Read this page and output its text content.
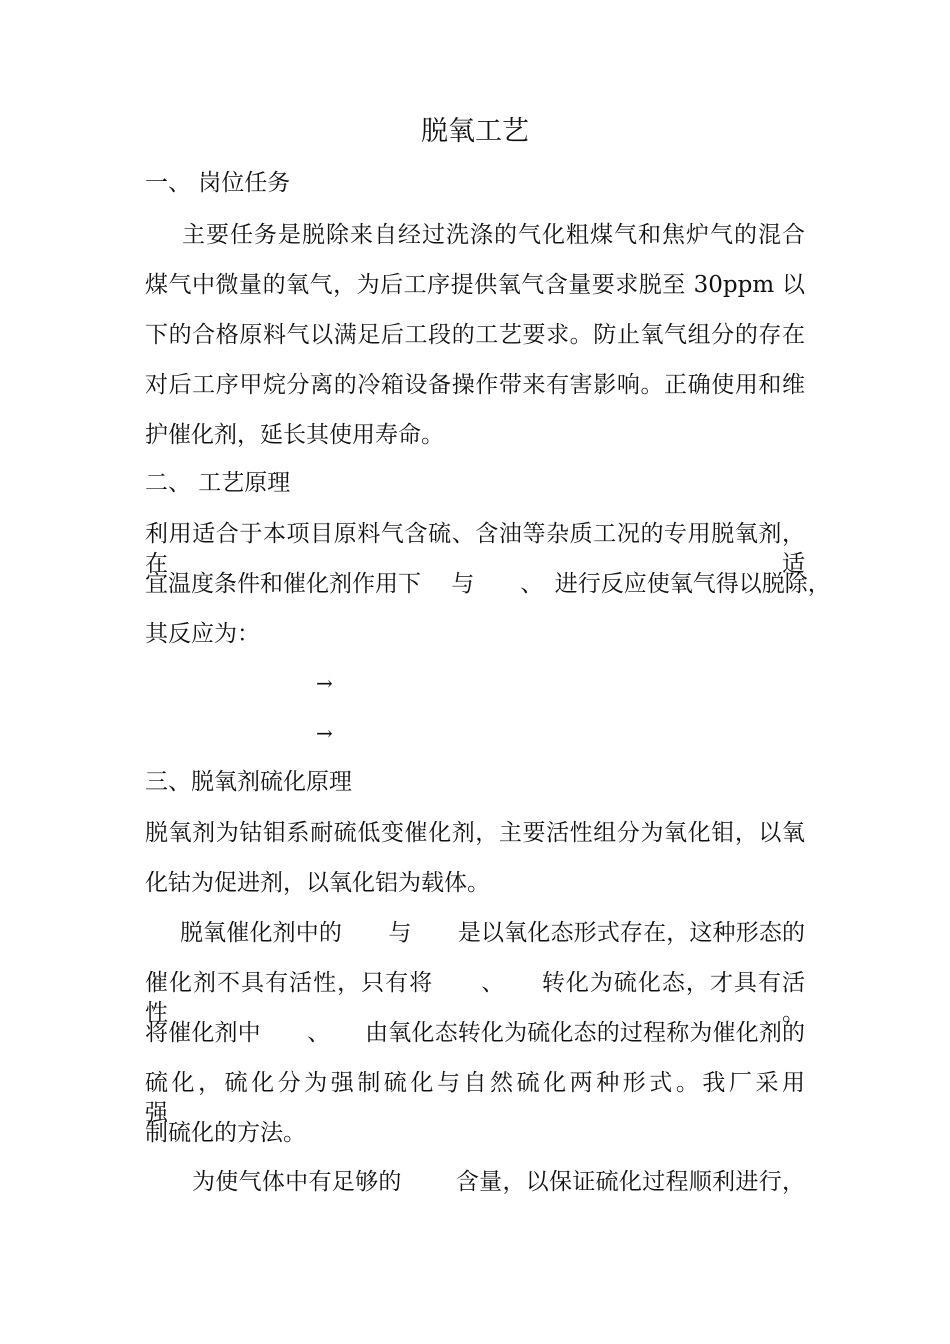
脱氧工艺
一、 岗位任务
主要任务是脱除来自经过洗涤的气化粗煤气和焦炉气的混合
煤气中微量的氧气，为后工序提供氧气含量要求脱至 30ppm 以
下的合格原料气以满足后工段的工艺要求。防止氧气组分的存在
对后工序甲烷分离的冷箱设备操作带来有害影响。正确使用和维
护催化剂，延长其使用寿命。
二、 工艺原理
利用适合于本项目原料气含硫、含油等杂质工况的专用脱氧剂，在适
宜温度条件和催化剂作用下　 与　　、　进行反应使氧气得以脱除，
其反应为：
→
→
三、脱氧剂硫化原理
脱氧剂为钴钼系耐硫低变催化剂，主要活性组分为氧化钼，以氧
化钴为促进剂，以氧化铝为载体。
脱氧催化剂中的　　与　　是以氧化态形式存在，这种形态的
催化剂不具有活性，只有将　　、　　转化为硫化态，才具有活性。
将催化剂中　　、　　由氧化态转化为硫化态的过程称为催化剂的
硫化，硫化分为强制硫化与自然硫化两种形式。我厂采用　　　强
制硫化的方法。
为使气体中有足够的　　 含量，以保证硫化过程顺利进行，
